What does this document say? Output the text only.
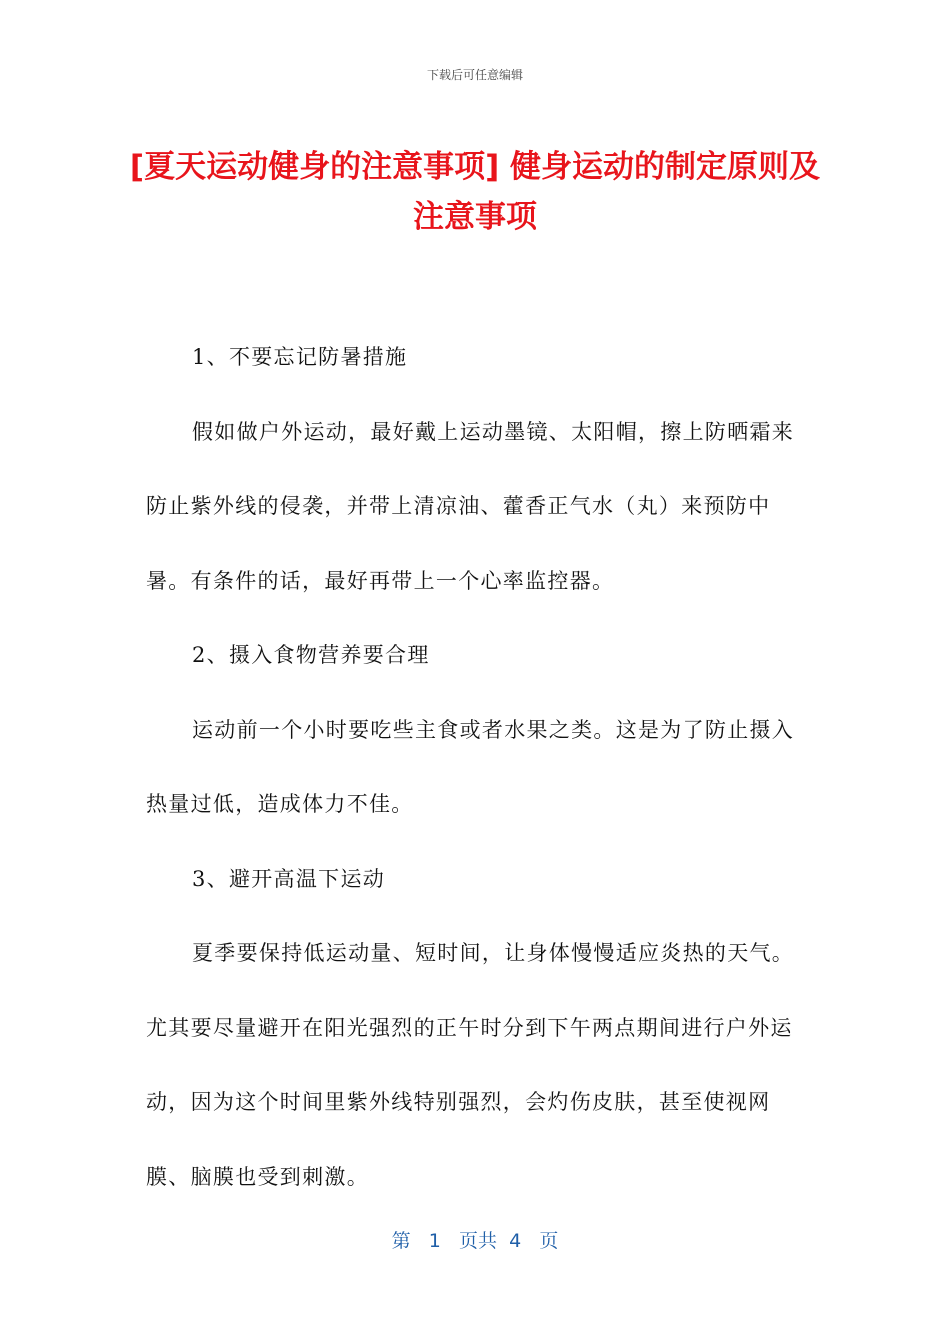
下载后可任意编辑
[夏天运动健身的注意事项] 健身运动的制定原则及注意事项

1、不要忘记防暑措施

假如做户外运动，最好戴上运动墨镜、太阳帽，擦上防晒霜来防止紫外线的侵袭，并带上清凉油、藿香正气水（丸）来预防中暑。有条件的话，最好再带上一个心率监控器。

2、摄入食物营养要合理

运动前一个小时要吃些主食或者水果之类。这是为了防止摄入热量过低，造成体力不佳。

3、避开高温下运动

夏季要保持低运动量、短时间，让身体慢慢适应炎热的天气。尤其要尽量避开在阳光强烈的正午时分到下午两点期间进行户外运动，因为这个时间里紫外线特别强烈，会灼伤皮肤，甚至使视网膜、脑膜也受到刺激。

第 1 页共 4 页
